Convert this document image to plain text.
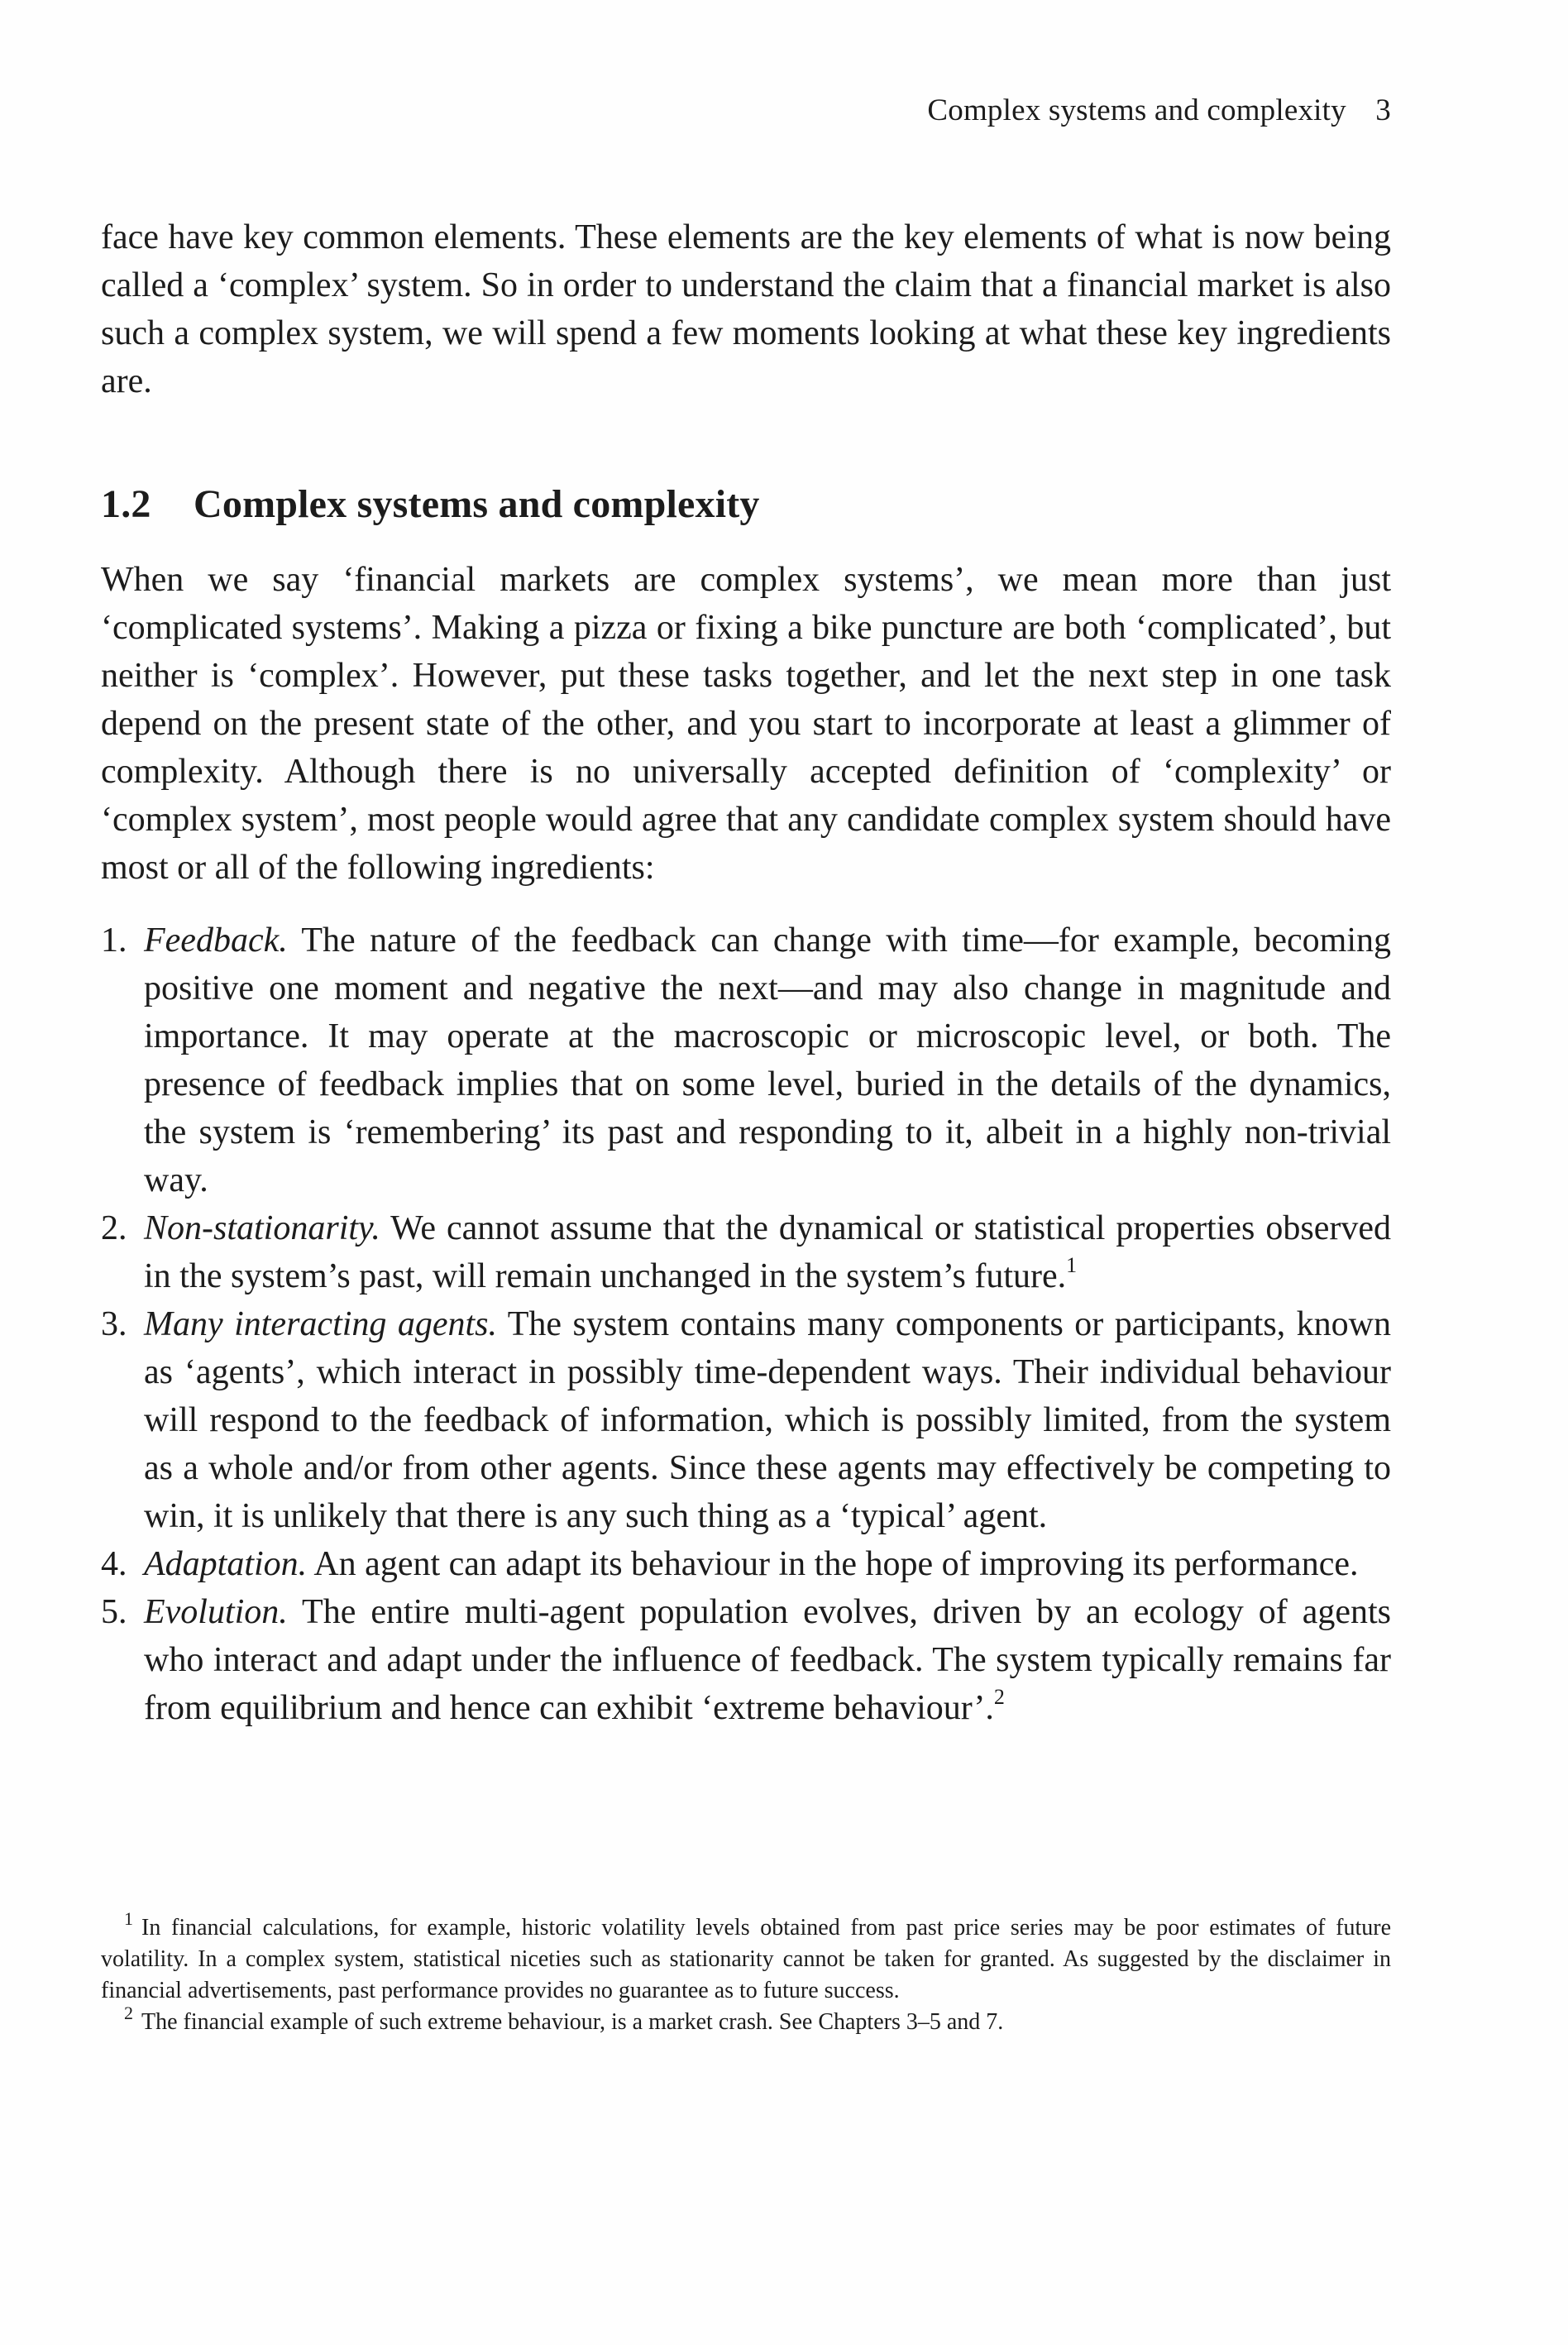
Complex systems and complexity 3

face have key common elements. These elements are the key elements of what is now being called a ‘complex’ system. So in order to understand the claim that a financial market is also such a complex system, we will spend a few moments looking at what these key ingredients are.

1.2 Complex systems and complexity

When we say ‘financial markets are complex systems’, we mean more than just ‘complicated systems’. Making a pizza or fixing a bike puncture are both ‘complicated’, but neither is ‘complex’. However, put these tasks together, and let the next step in one task depend on the present state of the other, and you start to incorporate at least a glimmer of complexity. Although there is no universally accepted definition of ‘complexity’ or ‘complex system’, most people would agree that any candidate complex system should have most or all of the following ingredients:

1. Feedback. The nature of the feedback can change with time—for example, becoming positive one moment and negative the next—and may also change in magnitude and importance. It may operate at the macroscopic or microscopic level, or both. The presence of feedback implies that on some level, buried in the details of the dynamics, the system is ‘remembering’ its past and responding to it, albeit in a highly non-trivial way.
2. Non-stationarity. We cannot assume that the dynamical or statistical properties observed in the system’s past, will remain unchanged in the system’s future.$^1$
3. Many interacting agents. The system contains many components or participants, known as ‘agents’, which interact in possibly time-dependent ways. Their individual behaviour will respond to the feedback of information, which is possibly limited, from the system as a whole and/or from other agents. Since these agents may effectively be competing to win, it is unlikely that there is any such thing as a ‘typical’ agent.
4. Adaptation. An agent can adapt its behaviour in the hope of improving its performance.
5. Evolution. The entire multi-agent population evolves, driven by an ecology of agents who interact and adapt under the influence of feedback. The system typically remains far from equilibrium and hence can exhibit ‘extreme behaviour’.$^2$

$^1$ In financial calculations, for example, historic volatility levels obtained from past price series may be poor estimates of future volatility. In a complex system, statistical niceties such as stationarity cannot be taken for granted. As suggested by the disclaimer in financial advertisements, past performance provides no guarantee as to future success.

$^2$ The financial example of such extreme behaviour, is a market crash. See Chapters 3–5 and 7.
